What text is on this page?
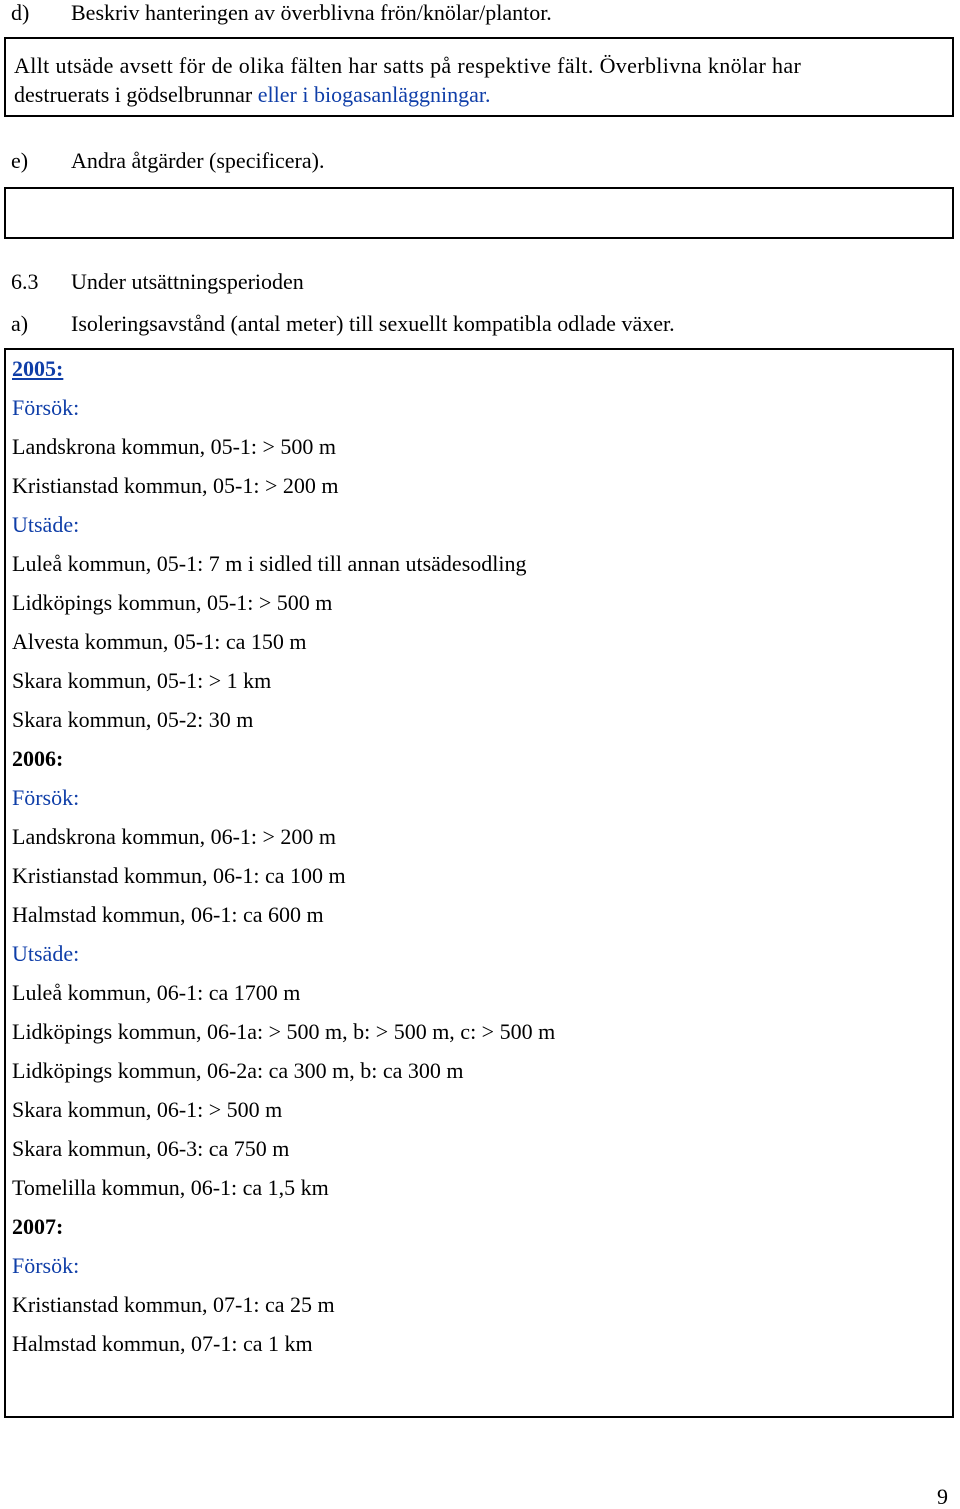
d) Beskriv hanteringen av överblivna frön/knölar/plantor.
Allt utsäde avsett för de olika fälten har satts på respektive fält. Överblivna knölar har
destruerats i gödselbrunnar eller i biogasanläggningar.
e) Andra åtgärder (specificera).
6.3 Under utsättningsperioden
a) Isoleringsavstånd (antal meter) till sexuellt kompatibla odlade växer.
2005:
Försök:
Landskrona kommun, 05-1: > 500 m
Kristianstad kommun, 05-1: > 200 m
Utsäde:
Luleå kommun, 05-1: 7 m i sidled till annan utsädesodling
Lidköpings kommun, 05-1: > 500 m
Alvesta kommun, 05-1: ca 150 m
Skara kommun, 05-1: > 1 km
Skara kommun, 05-2: 30 m
2006:
Försök:
Landskrona kommun, 06-1: > 200 m
Kristianstad kommun, 06-1: ca 100 m
Halmstad kommun, 06-1: ca 600 m
Utsäde:
Luleå kommun, 06-1: ca 1700 m
Lidköpings kommun, 06-1a: > 500 m, b: > 500 m, c: > 500 m
Lidköpings kommun, 06-2a: ca 300 m, b: ca 300 m
Skara kommun, 06-1: > 500 m
Skara kommun, 06-3: ca 750 m
Tomelilla kommun, 06-1: ca 1,5 km
2007:
Försök:
Kristianstad kommun, 07-1: ca 25 m
Halmstad kommun, 07-1: ca 1 km
9
